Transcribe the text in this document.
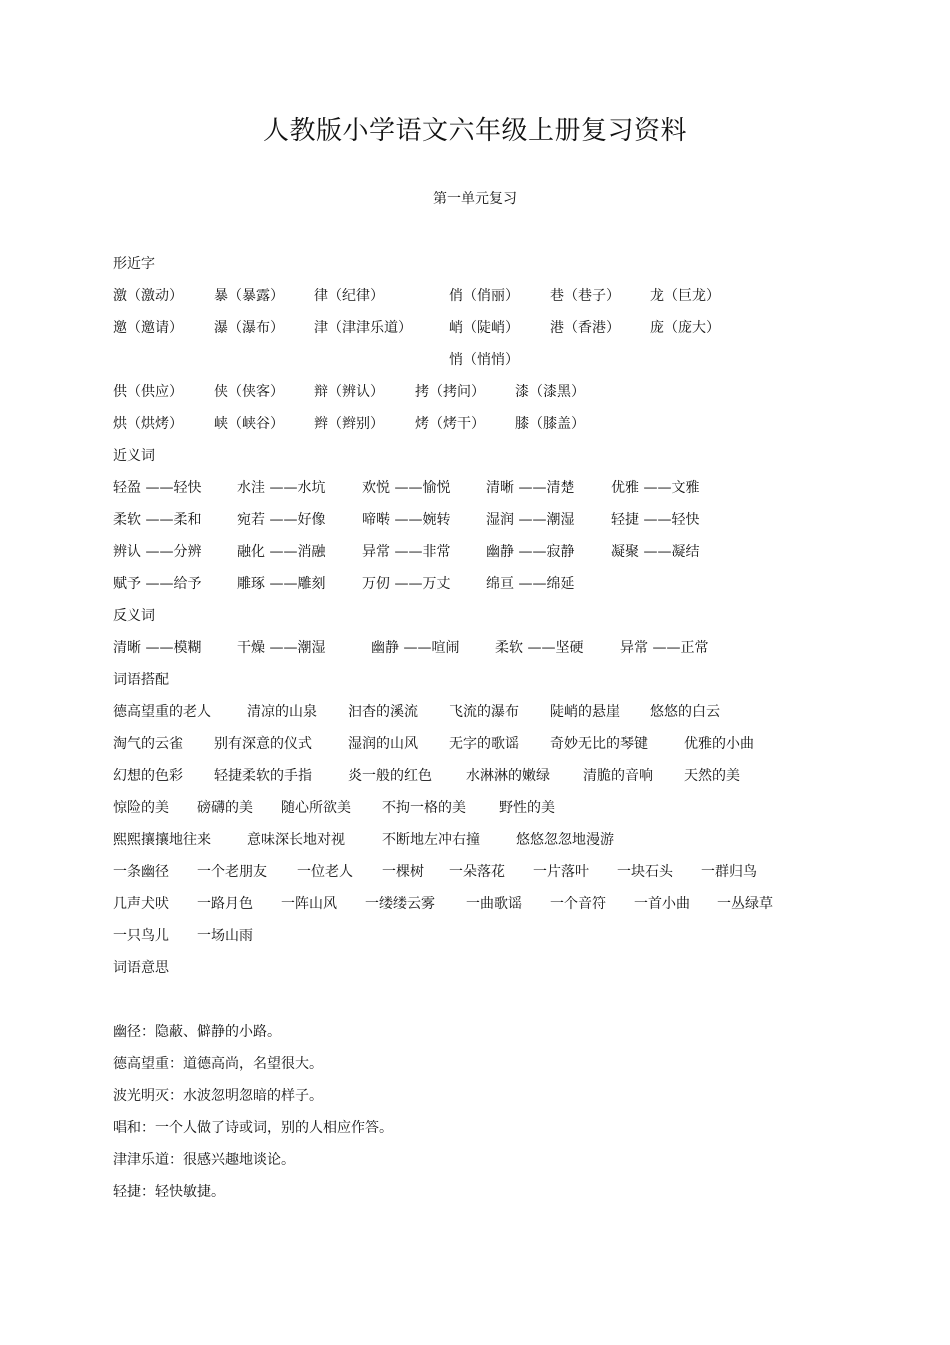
人教版小学语文六年级上册复习资料
第一单元复习
形近字
激（激动） 暴（暴露） 律（纪律）	俏（俏丽） 巷（巷子） 龙（巨龙）
邀（邀请） 瀑（瀑布） 津（津津乐道）	峭（陡峭） 港（香港） 庞（庞大）
悄（悄悄）
供（供应） 侠（侠客） 辩（辨认） 拷（拷问） 漆（漆黑）
烘（烘烤） 峡（峡谷） 辫（辫别） 烤（烤干） 膝（膝盖）
近义词
轻盈 ——轻快	水洼 ——水坑	欢悦 ——愉悦	清晰 ——清楚	优雅 ——文雅
柔软 ——柔和	宛若 ——好像	啼啭 ——婉转	湿润 ——潮湿	轻捷 ——轻快
辨认 ——分辨	融化 ——消融	异常 ——非常	幽静 ——寂静	凝聚 ——凝结
赋予 ——给予	雕琢 ——雕刻	万仞 ——万丈	绵亘 ——绵延
反义词
清晰 ——模糊	干燥 ——潮湿	幽静 ——喧闹	柔软 ——坚硬	异常 ——正常
词语搭配
德高望重的老人	清凉的山泉 汩杳的溪流 飞流的瀑布 陡峭的悬崖 悠悠的白云
淘气的云雀 别有深意的仪式	湿润的山风 无字的歌谣 奇妙无比的琴键	优雅的小曲
幻想的色彩 轻捷柔软的手指	炎一般的红色 水淋淋的嫩绿 清脆的音响 天然的美
惊险的美 磅礴的美 随心所欲美 不拘一格的美 野性的美
熙熙攘攘地往来	意味深长地对视	不断地左冲右撞	悠悠忽忽地漫游
一条幽径 一个老朋友 一位老人 一棵树 一朵落花 一片落叶 一块石头 一群归鸟
几声犬吠 一路月色 一阵山风 一缕缕云雾 一曲歌谣 一个音符 一首小曲 一丛绿草
一只鸟儿 一场山雨
词语意思
幽径：隐蔽、僻静的小路。
德高望重：道德高尚，名望很大。
波光明灭：水波忽明忽暗的样子。
唱和：一个人做了诗或词，别的人相应作答。
津津乐道：很感兴趣地谈论。
轻捷：轻快敏捷。
